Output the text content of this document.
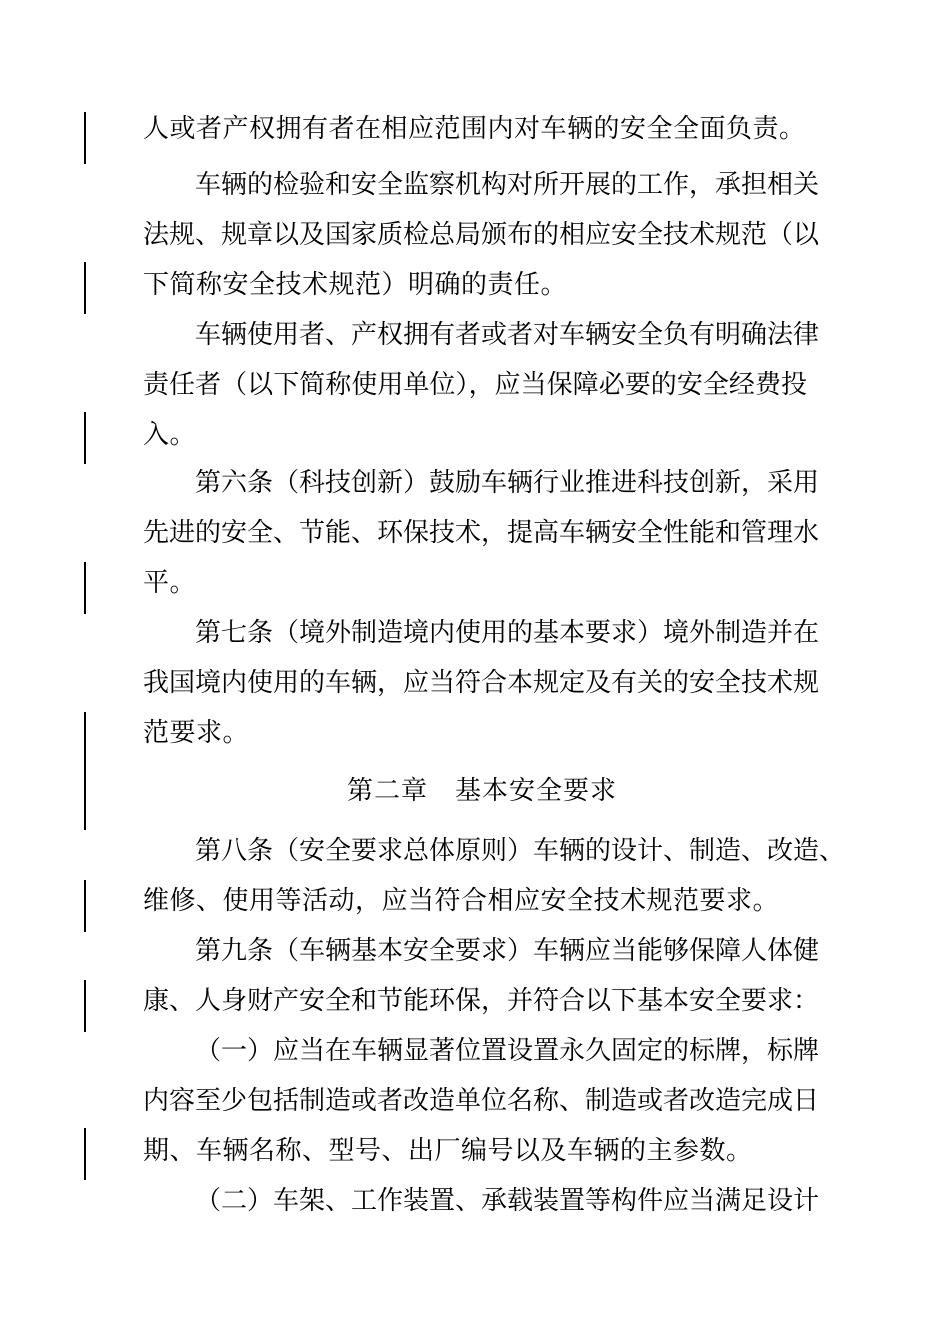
人或者产权拥有者在相应范围内对车辆的安全全面负责。
车辆的检验和安全监察机构对所开展的工作，承担相关
法规、规章以及国家质检总局颁布的相应安全技术规范（以
下简称安全技术规范）明确的责任。
车辆使用者、产权拥有者或者对车辆安全负有明确法律
责任者（以下简称使用单位），应当保障必要的安全经费投
入。
第六条（科技创新）鼓励车辆行业推进科技创新，采用
先进的安全、节能、环保技术，提高车辆安全性能和管理水
平。
第七条（境外制造境内使用的基本要求）境外制造并在
我国境内使用的车辆，应当符合本规定及有关的安全技术规
范要求。
第二章　基本安全要求
第八条（安全要求总体原则）车辆的设计、制造、改造、
维修、使用等活动，应当符合相应安全技术规范要求。
第九条（车辆基本安全要求）车辆应当能够保障人体健
康、人身财产安全和节能环保，并符合以下基本安全要求：
（一）应当在车辆显著位置设置永久固定的标牌，标牌
内容至少包括制造或者改造单位名称、制造或者改造完成日
期、车辆名称、型号、出厂编号以及车辆的主参数。
（二）车架、工作装置、承载装置等构件应当满足设计
